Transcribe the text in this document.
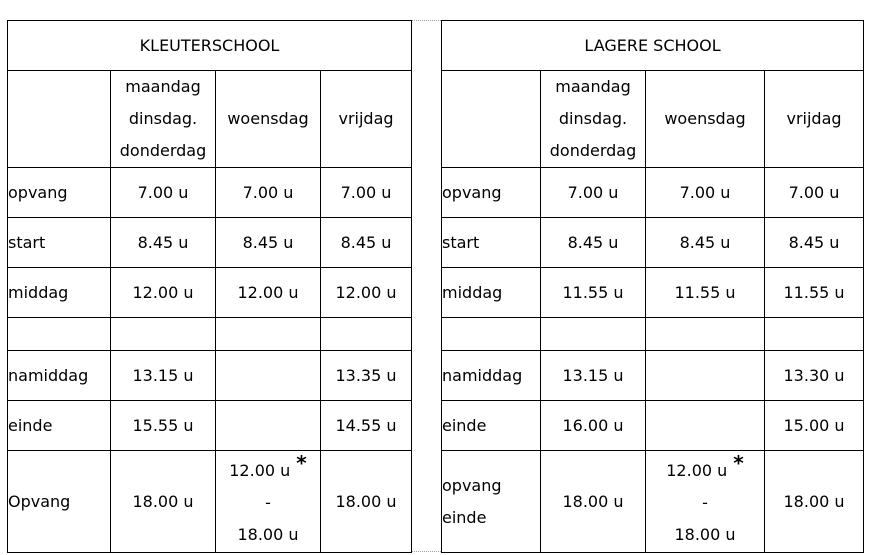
KLEUTERSCHOOL			

	maandag
dinsdag.
donderdag	woensdag	vrijdag
opvang	7.00 u	7.00 u	7.00 u
start	8.45 u	8.45 u	8.45 u
middag	12.00 u	12.00 u	12.00 u

namiddag	13.15 u		13.35 u
einde	15.55 u		14.55 u
Opvang	18.00 u	12.00 u *
-
18.00 u	18.00 u
LAGERE SCHOOL			

	maandag
dinsdag.
donderdag	woensdag	vrijdag
opvang	7.00 u	7.00 u	7.00 u
start	8.45 u	8.45 u	8.45 u
middag	11.55 u	11.55 u	11.55 u

namiddag	13.15 u		13.30 u
einde	16.00 u		15.00 u

opvang
einde	18.00 u	12.00 u *
-
18.00 u	18.00 u
